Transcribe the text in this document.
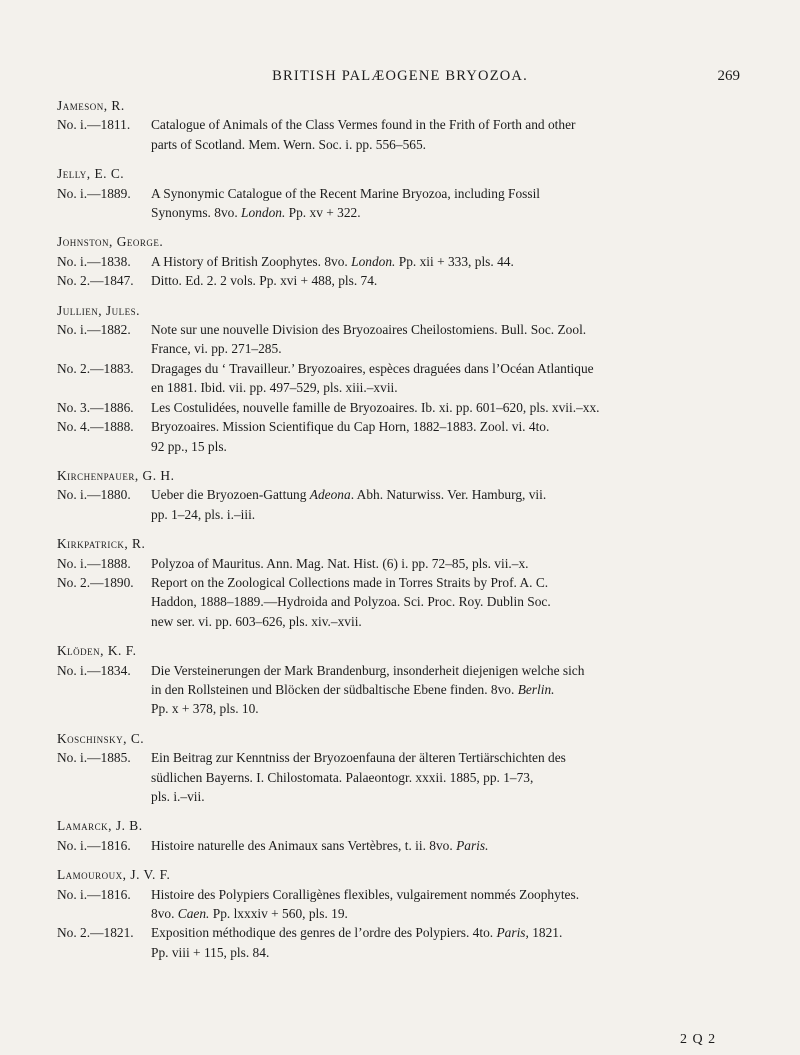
BRITISH PALÆOGENE BRYOZOA.	269
Jameson, R.
No. i.—1811.	Catalogue of Animals of the Class Vermes found in the Frith of Forth and other
parts of Scotland. Mem. Wern. Soc. i. pp. 556–565.
Jelly, E. C.
No. i.—1889.	A Synonymic Catalogue of the Recent Marine Bryozoa, including Fossil
Synonyms. 8vo. London. Pp. xv + 322.
Johnston, George.
No. i.—1838.	A History of British Zoophytes. 8vo. London. Pp. xii + 333, pls. 44.
No. 2.—1847.	Ditto. Ed. 2. 2 vols. Pp. xvi + 488, pls. 74.
Jullien, Jules.
No. i.—1882.	Note sur une nouvelle Division des Bryozoaires Cheilostomiens. Bull. Soc. Zool.
France, vi. pp. 271–285.
No. 2.—1883.	Dragages du ‘ Travailleur.’ Bryozoaires, espèces draguées dans l’Océan Atlantique
en 1881. Ibid. vii. pp. 497–529, pls. xiii.–xvii.
No. 3.—1886.	Les Costulidées, nouvelle famille de Bryozoaires. Ib. xi. pp. 601–620, pls. xvii.–xx.
No. 4.—1888.	Bryozoaires. Mission Scientifique du Cap Horn, 1882–1883. Zool. vi. 4to.
92 pp., 15 pls.
Kirchenpauer, G. H.
No. i.—1880.	Ueber die Bryozoen-Gattung Adeona. Abh. Naturwiss. Ver. Hamburg, vii.
pp. 1–24, pls. i.–iii.
Kirkpatrick, R.
No. i.—1888.	Polyzoa of Mauritus. Ann. Mag. Nat. Hist. (6) i. pp. 72–85, pls. vii.–x.
No. 2.—1890.	Report on the Zoological Collections made in Torres Straits by Prof. A. C.
Haddon, 1888–1889.—Hydroida and Polyzoa. Sci. Proc. Roy. Dublin Soc.
new ser. vi. pp. 603–626, pls. xiv.–xvii.
Klöden, K. F.
No. i.—1834.	Die Versteinerungen der Mark Brandenburg, insonderheit diejenigen welche sich
in den Rollsteinen und Blöcken der südbaltische Ebene finden. 8vo. Berlin.
Pp. x + 378, pls. 10.
Koschinsky, C.
No. i.—1885.	Ein Beitrag zur Kenntniss der Bryozoenfauna der älteren Tertiärschichten des
südlichen Bayerns. I. Chilostomata. Palaeontogr. xxxii. 1885, pp. 1–73,
pls. i.–vii.
Lamarck, J. B.
No. i.—1816.	Histoire naturelle des Animaux sans Vertèbres, t. ii. 8vo. Paris.
Lamouroux, J. V. F.
No. i.—1816.	Histoire des Polypiers Coralligènes flexibles, vulgairement nommés Zoophytes.
8vo. Caen. Pp. lxxxiv + 560, pls. 19.
No. 2.—1821.	Exposition méthodique des genres de l’ordre des Polypiers. 4to. Paris, 1821.
Pp. viii + 115, pls. 84.
2 Q 2
